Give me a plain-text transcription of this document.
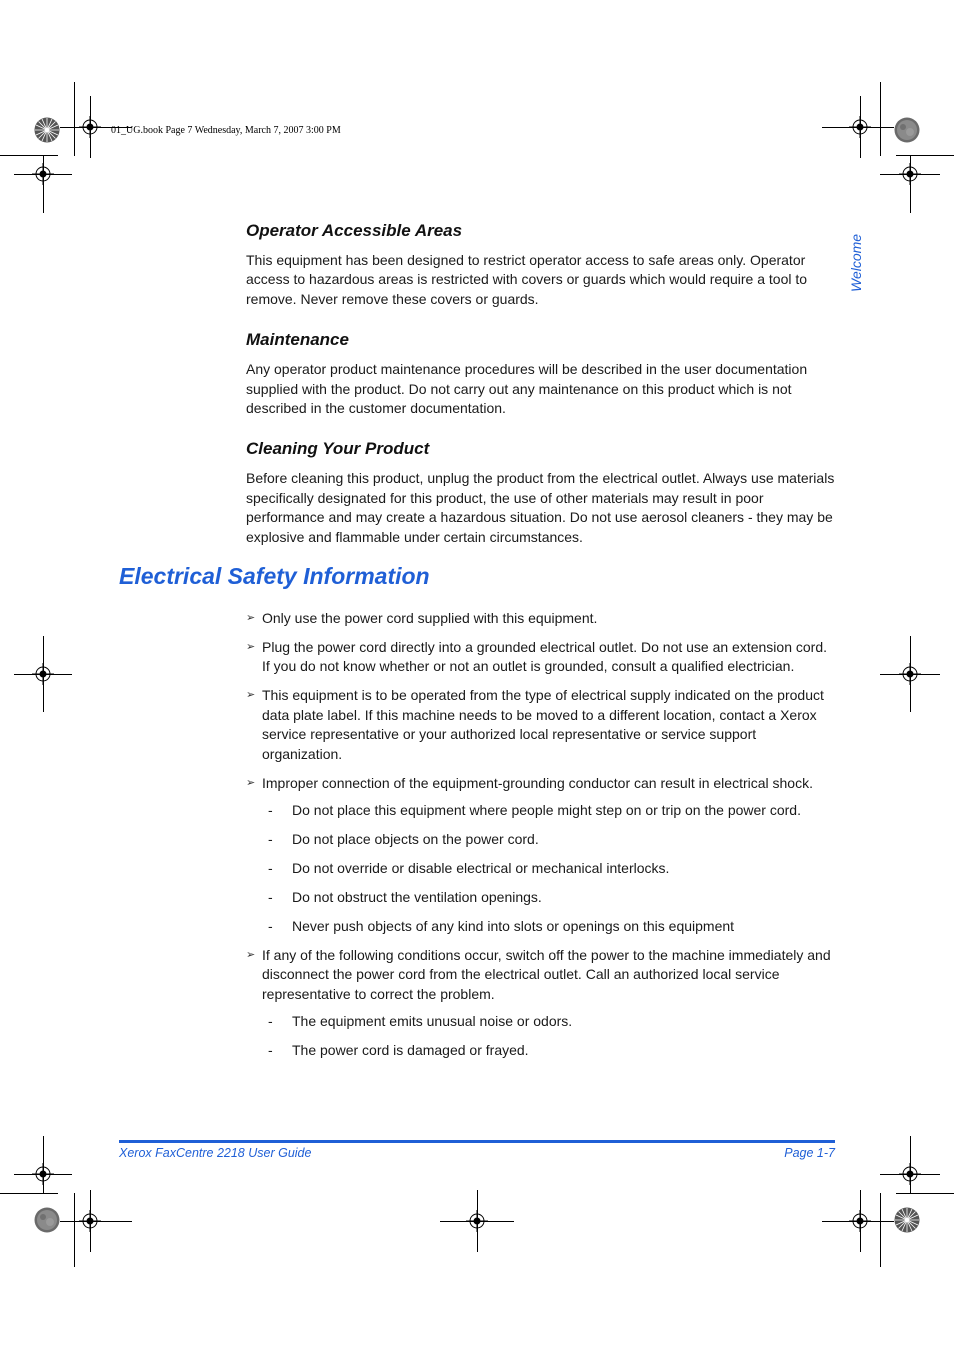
01_UG.book Page 7 Wednesday, March 7, 2007 3:00 PM
Welcome
Operator Accessible Areas

This equipment has been designed to restrict operator access to safe areas only. Operator access to hazardous areas is restricted with covers or guards which would require a tool to remove. Never remove these covers or guards.

Maintenance

Any operator product maintenance procedures will be described in the user documentation supplied with the product. Do not carry out any maintenance on this product which is not described in the customer documentation.

Cleaning Your Product

Before cleaning this product, unplug the product from the electrical outlet. Always use materials specifically designated for this product, the use of other materials may result in poor performance and may create a hazardous situation. Do not use aerosol cleaners - they may be explosive and flammable under certain circumstances.

Electrical Safety Information
➢ Only use the power cord supplied with this equipment.
➢ Plug the power cord directly into a grounded electrical outlet. Do not use an extension cord. If you do not know whether or not an outlet is grounded, consult a qualified electrician.
➢ This equipment is to be operated from the type of electrical supply indicated on the product data plate label. If this machine needs to be moved to a different location, contact a Xerox service representative or your authorized local representative or service support organization.
➢ Improper connection of the equipment-grounding conductor can result in electrical shock.
- Do not place this equipment where people might step on or trip on the power cord.
- Do not place objects on the power cord.
- Do not override or disable electrical or mechanical interlocks.
- Do not obstruct the ventilation openings.
- Never push objects of any kind into slots or openings on this equipment
➢ If any of the following conditions occur, switch off the power to the machine immediately and disconnect the power cord from the electrical outlet. Call an authorized local service representative to correct the problem.
- The equipment emits unusual noise or odors.
- The power cord is damaged or frayed.
Xerox FaxCentre 2218 User Guide	Page 1-7
